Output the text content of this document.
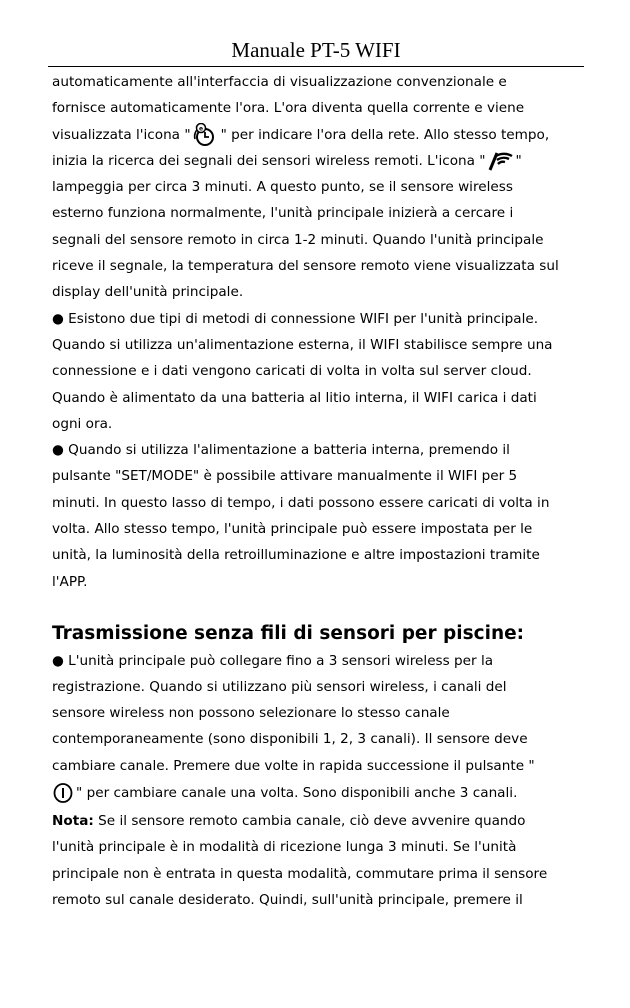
Manuale PT-5 WIFI
automaticamente all'interfaccia di visualizzazione convenzionale e
fornisce automaticamente l'ora. L'ora diventa quella corrente e viene
visualizzata l'icona " e " per indicare l'ora della rete. Allo stesso tempo,
inizia la ricerca dei segnali dei sensori wireless remoti. L'icona " "
lampeggia per circa 3 minuti. A questo punto, se il sensore wireless
esterno funziona normalmente, l'unità principale inizierà a cercare i
segnali del sensore remoto in circa 1-2 minuti. Quando l'unità principale
riceve il segnale, la temperatura del sensore remoto viene visualizzata sul
display dell'unità principale.
● Esistono due tipi di metodi di connessione WIFI per l'unità principale.
Quando si utilizza un'alimentazione esterna, il WIFI stabilisce sempre una
connessione e i dati vengono caricati di volta in volta sul server cloud.
Quando è alimentato da una batteria al litio interna, il WIFI carica i dati
ogni ora.
● Quando si utilizza l'alimentazione a batteria interna, premendo il
pulsante "SET/MODE" è possibile attivare manualmente il WIFI per 5
minuti. In questo lasso di tempo, i dati possono essere caricati di volta in
volta. Allo stesso tempo, l'unità principale può essere impostata per le
unità, la luminosità della retroilluminazione e altre impostazioni tramite
l'APP.
Trasmissione senza fili di sensori per piscine:
● L'unità principale può collegare fino a 3 sensori wireless per la
registrazione. Quando si utilizzano più sensori wireless, i canali del
sensore wireless non possono selezionare lo stesso canale
contemporaneamente (sono disponibili 1, 2, 3 canali). Il sensore deve
cambiare canale. Premere due volte in rapida successione il pulsante "
" per cambiare canale una volta. Sono disponibili anche 3 canali.
Nota: Se il sensore remoto cambia canale, ciò deve avvenire quando
l'unità principale è in modalità di ricezione lunga 3 minuti. Se l'unità
principale non è entrata in questa modalità, commutare prima il sensore
remoto sul canale desiderato. Quindi, sull'unità principale, premere il
